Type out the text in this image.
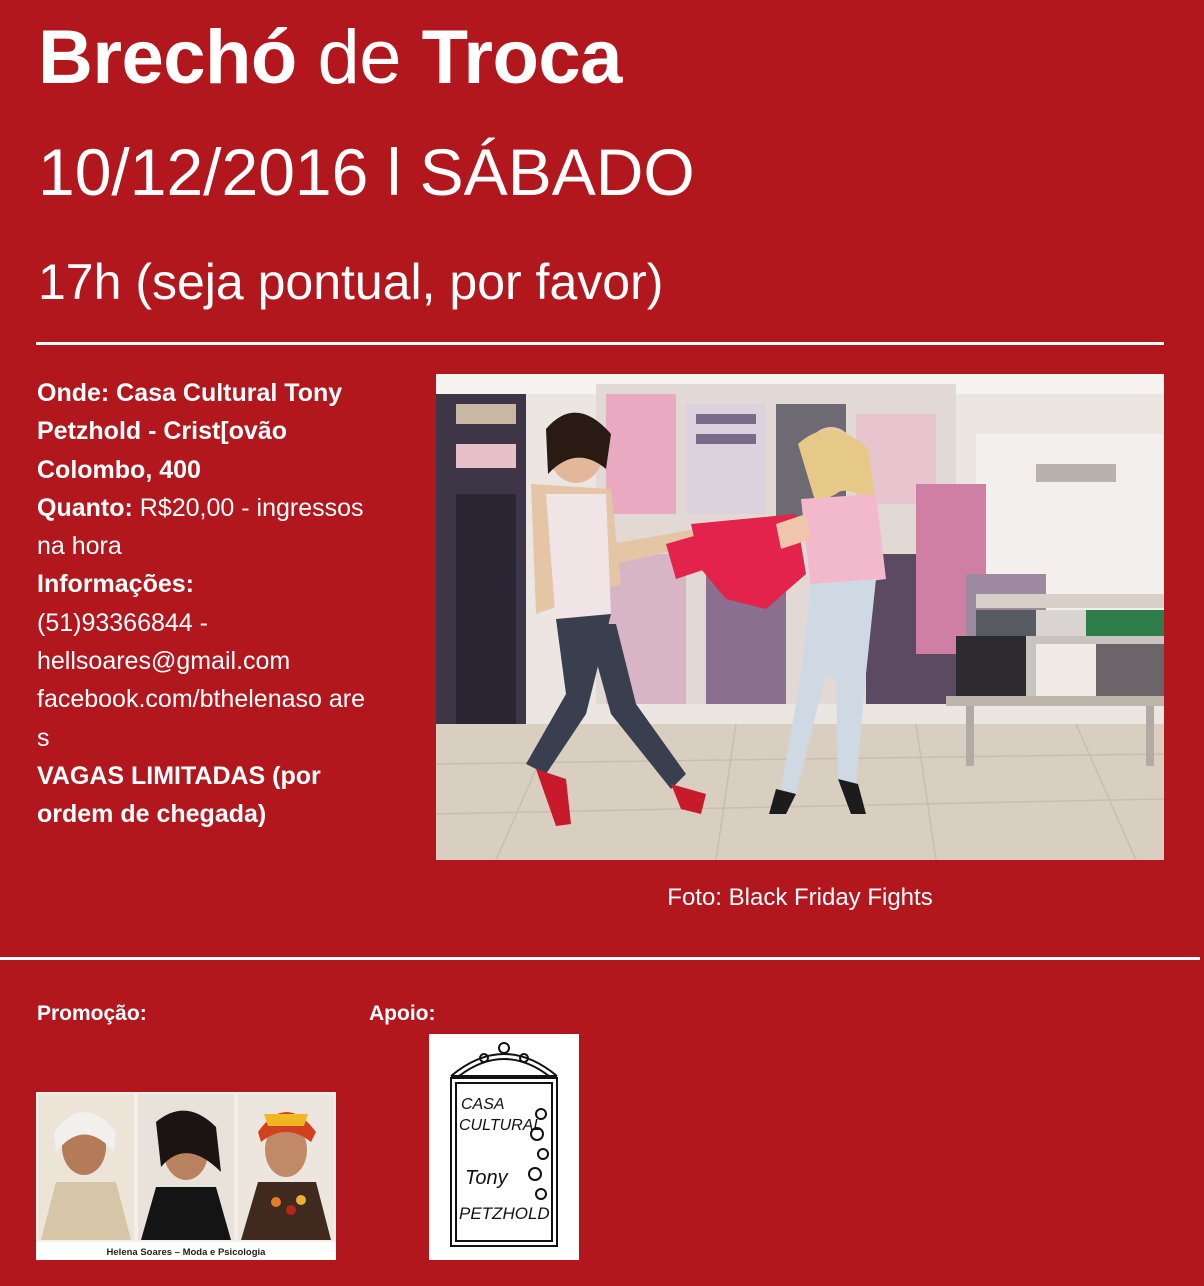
Brechó de Troca
10/12/2016 l SÁBADO
17h (seja pontual, por favor)
Onde: Casa Cultural Tony Petzhold - Crist[ovão Colombo, 400
Quanto: R$20,00 - ingressos na hora
Informações:
(51)93366844 -
hellsoares@gmail.com
facebook.com/bthelenaso ares
VAGAS LIMITADAS (por ordem de chegada)
Foto: Black Friday Fights
Promoção:	Apoio:
Helena Soares – Moda e Psicologia
CASA
CULTURAL
Tony
PETZHOLD
